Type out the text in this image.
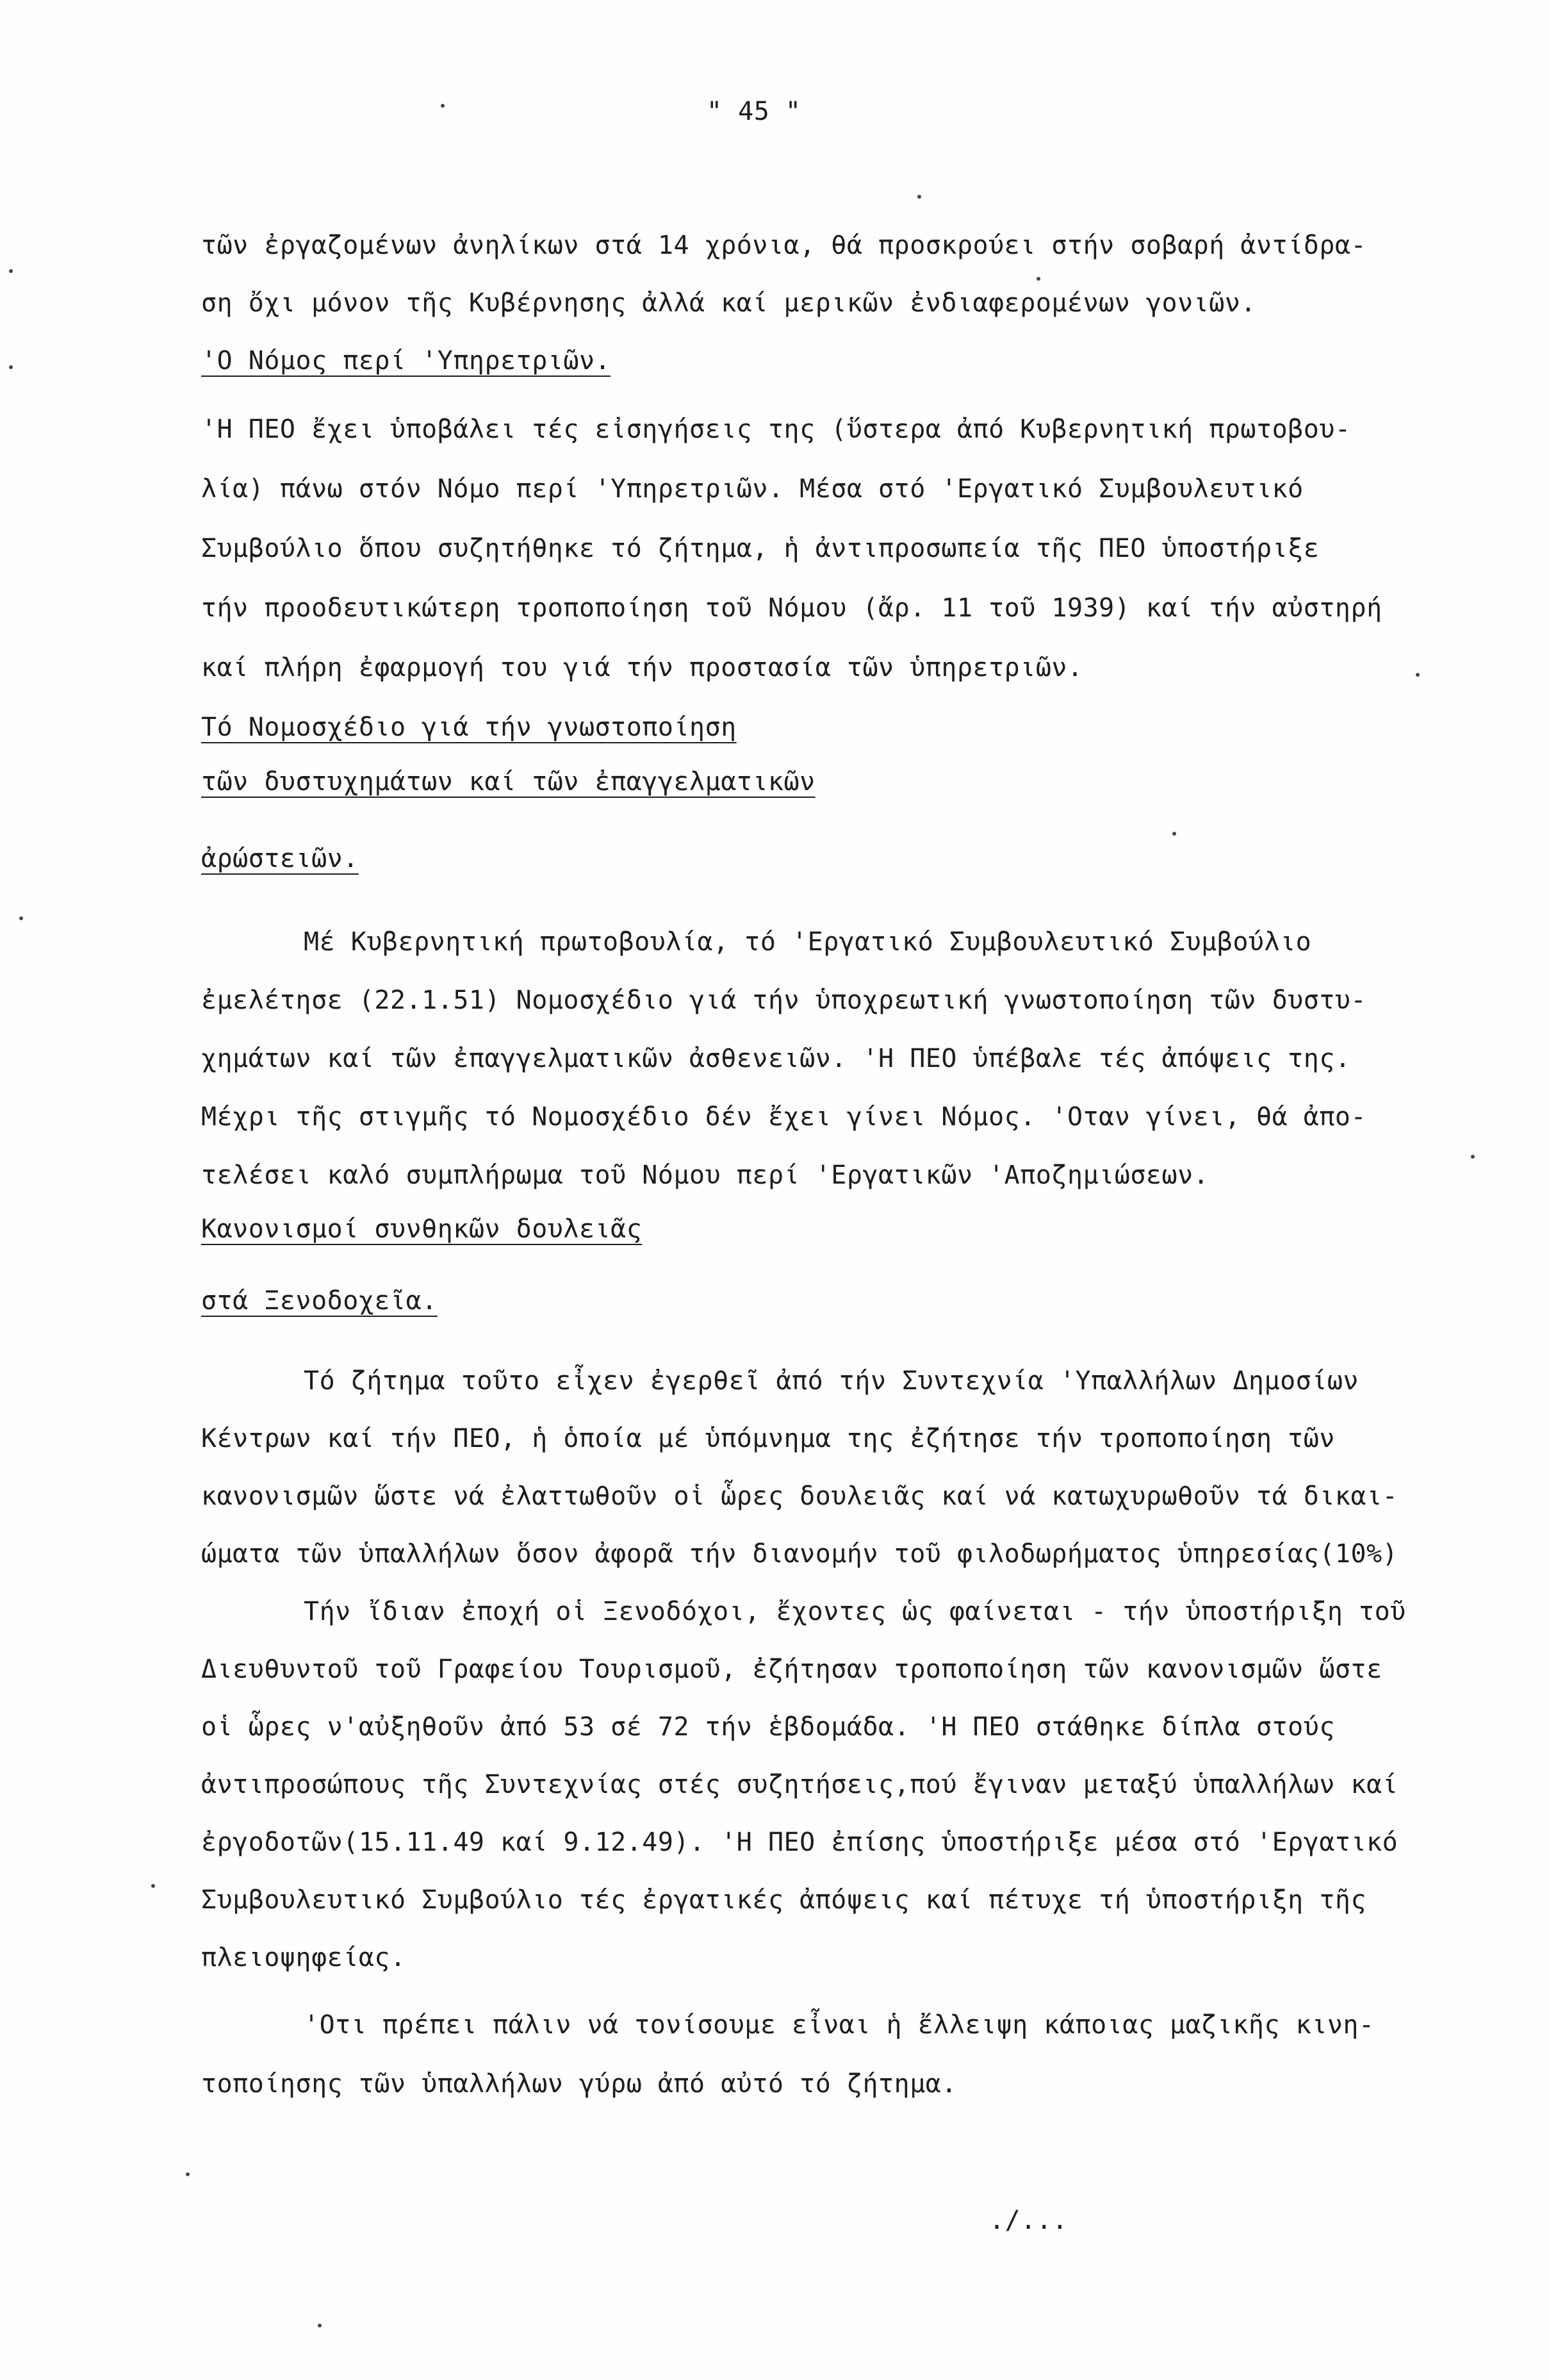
" 45 "
τῶν ἐργαζομένων ἀνηλίκων στά 14 χρόνια, θά προσκρούει στήν σοβαρή ἀντίδρα-
ση ὄχι μόνον τῆς Κυβέρνησης ἀλλά καί μερικῶν ἐνδιαφερομένων γονιῶν.
'Ο Νόμος περί 'Υπηρετριῶν.
'Η ΠΕΟ ἔχει ὑποβάλει τές εἰσηγήσεις της (ὕστερα ἀπό Κυβερνητική πρωτοβου-
λία) πάνω στόν Νόμο περί 'Υπηρετριῶν. Μέσα στό 'Εργατικό Συμβουλευτικό
Συμβούλιο ὅπου συζητήθηκε τό ζήτημα, ἡ ἀντιπροσωπεία τῆς ΠΕΟ ὑποστήριξε
τήν προοδευτικώτερη τροποποίηση τοῦ Νόμου (ἄρ. 11 τοῦ 1939) καί τήν αὐστηρή
καί πλήρη ἐφαρμογή του γιά τήν προστασία τῶν ὑπηρετριῶν.
Τό Νομοσχέδιο γιά τήν γνωστοποίηση
τῶν δυστυχημάτων καί τῶν ἐπαγγελματικῶν
ἀρώστειῶν.
Μέ Κυβερνητική πρωτοβουλία, τό 'Εργατικό Συμβουλευτικό Συμβούλιο
ἐμελέτησε (22.1.51) Νομοσχέδιο γιά τήν ὑποχρεωτική γνωστοποίηση τῶν δυστυ-
χημάτων καί τῶν ἐπαγγελματικῶν ἀσθενειῶν. 'Η ΠΕΟ ὑπέβαλε τές ἀπόψεις της.
Μέχρι τῆς στιγμῆς τό Νομοσχέδιο δέν ἔχει γίνει Νόμος. 'Οταν γίνει, θά ἀπο-
τελέσει καλό συμπλήρωμα τοῦ Νόμου περί 'Εργατικῶν 'Αποζημιώσεων.
Κανονισμοί συνθηκῶν δουλειᾶς
στά Ξενοδοχεῖα.
Τό ζήτημα τοῦτο εἶχεν ἐγερθεῖ ἀπό τήν Συντεχνία 'Υπαλλήλων Δημοσίων
Κέντρων καί τήν ΠΕΟ, ἡ ὁποία μέ ὑπόμνημα της ἐζήτησε τήν τροποποίηση τῶν
κανονισμῶν ὥστε νά ἐλαττωθοῦν οἱ ὧρες δουλειᾶς καί νά κατωχυρωθοῦν τά δικαι-
ώματα τῶν ὑπαλλήλων ὅσον ἀφορᾶ τήν διανομήν τοῦ φιλοδωρήματος ὑπηρεσίας(10%)
Τήν ἴδιαν ἐποχή οἱ Ξενοδόχοι, ἔχοντες ὡς φαίνεται - τήν ὑποστήριξη τοῦ
Διευθυντοῦ τοῦ Γραφείου Τουρισμοῦ, ἐζήτησαν τροποποίηση τῶν κανονισμῶν ὥστε
οἱ ὧρες ν'αὐξηθοῦν ἀπό 53 σέ 72 τήν ἑβδομάδα. 'Η ΠΕΟ στάθηκε δίπλα στούς
ἀντιπροσώπους τῆς Συντεχνίας στές συζητήσεις,πού ἔγιναν μεταξύ ὑπαλλήλων καί
ἐργοδοτῶν(15.11.49 καί 9.12.49). 'Η ΠΕΟ ἐπίσης ὑποστήριξε μέσα στό 'Εργατικό
Συμβουλευτικό Συμβούλιο τές ἐργατικές ἀπόψεις καί πέτυχε τή ὑποστήριξη τῆς
πλειοψηφείας.
'Οτι πρέπει πάλιν νά τονίσουμε εἶναι ἡ ἔλλειψη κάποιας μαζικῆς κινη-
τοποίησης τῶν ὑπαλλήλων γύρω ἀπό αὐτό τό ζήτημα.
./...
